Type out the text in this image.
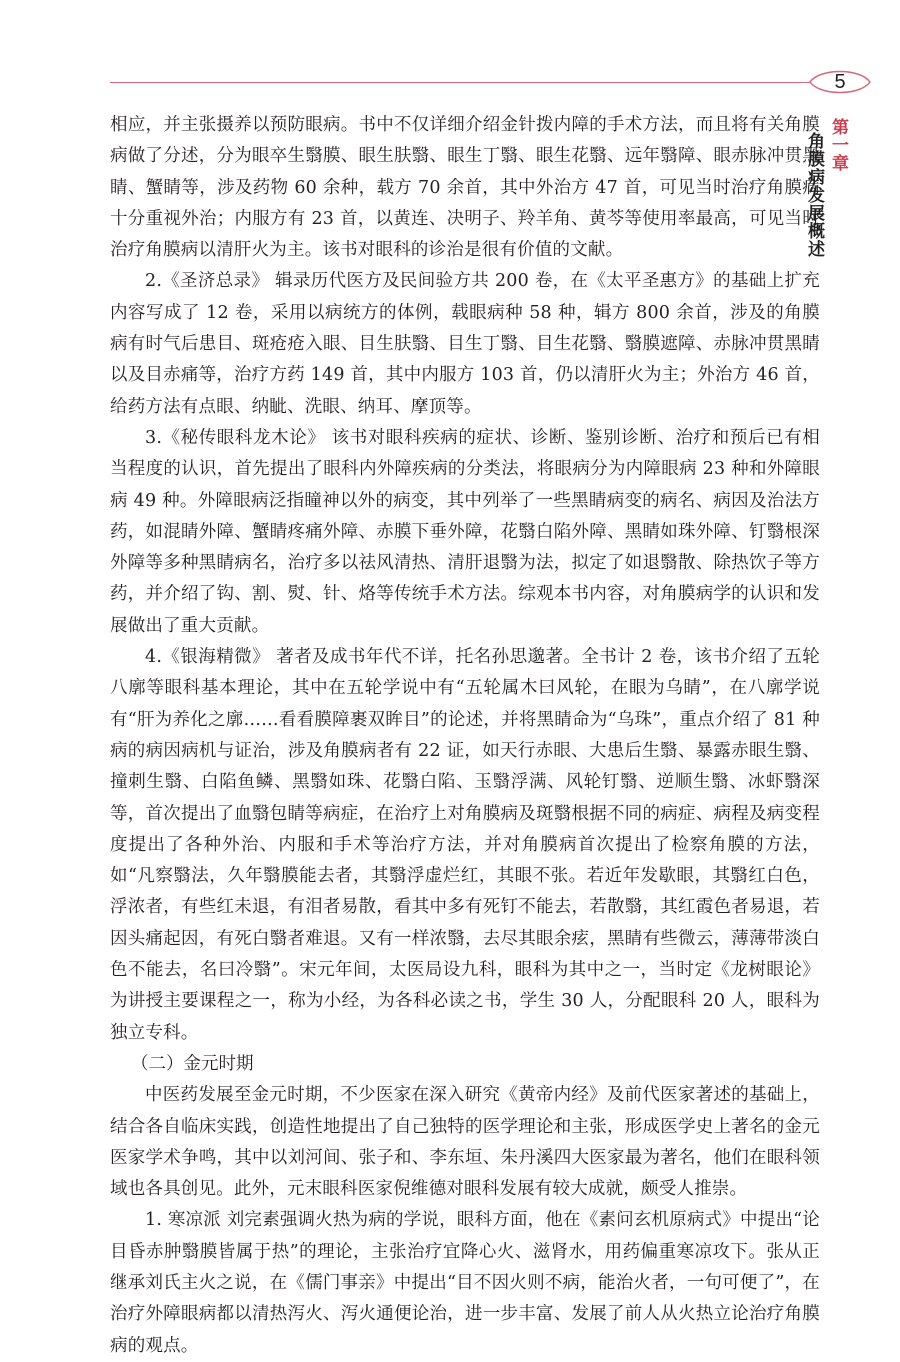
5
第一章
角膜病发展概述

相应，并主张摄养以预防眼病。书中不仅详细介绍金针拨内障的手术方法，而且将有关角膜病做了分述，分为眼卒生翳膜、眼生肤翳、眼生丁翳、眼生花翳、远年翳障、眼赤脉冲贯黑睛、蟹睛等，涉及药物 60 余种，载方 70 余首，其中外治方 47 首，可见当时治疗角膜病十分重视外治；内服方有 23 首，以黄连、决明子、羚羊角、黄芩等使用率最高，可见当时治疗角膜病以清肝火为主。该书对眼科的诊治是很有价值的文献。

2.《圣济总录》 辑录历代医方及民间验方共 200 卷，在《太平圣惠方》的基础上扩充内容写成了 12 卷，采用以病统方的体例，载眼病种 58 种，辑方 800 余首，涉及的角膜病有时气后患目、斑疮疮入眼、目生肤翳、目生丁翳、目生花翳、翳膜遮障、赤脉冲贯黑睛以及目赤痛等，治疗方药 149 首，其中内服方 103 首，仍以清肝火为主；外治方 46 首，给药方法有点眼、纳眦、洗眼、纳耳、摩顶等。

3.《秘传眼科龙木论》 该书对眼科疾病的症状、诊断、鉴别诊断、治疗和预后已有相当程度的认识，首先提出了眼科内外障疾病的分类法，将眼病分为内障眼病 23 种和外障眼病 49 种。外障眼病泛指瞳神以外的病变，其中列举了一些黑睛病变的病名、病因及治法方药，如混睛外障、蟹睛疼痛外障、赤膜下垂外障，花翳白陷外障、黑睛如珠外障、钉翳根深外障等多种黑睛病名，治疗多以祛风清热、清肝退翳为法，拟定了如退翳散、除热饮子等方药，并介绍了钩、割、熨、针、烙等传统手术方法。综观本书内容，对角膜病学的认识和发展做出了重大贡献。

4.《银海精微》 著者及成书年代不详，托名孙思邈著。全书计 2 卷，该书介绍了五轮八廓等眼科基本理论，其中在五轮学说中有“五轮属木曰风轮，在眼为乌睛”，在八廓学说有“肝为养化之廓……看看膜障裹双眸目”的论述，并将黑睛命为“乌珠”，重点介绍了 81 种病的病因病机与证治，涉及角膜病者有 22 证，如天行赤眼、大患后生翳、暴露赤眼生翳、撞刺生翳、白陷鱼鳞、黑翳如珠、花翳白陷、玉翳浮满、风轮钉翳、逆顺生翳、冰虾翳深等，首次提出了血翳包睛等病症，在治疗上对角膜病及斑翳根据不同的病症、病程及病变程度提出了各种外治、内服和手术等治疗方法，并对角膜病首次提出了检察角膜的方法，如“凡察翳法，久年翳膜能去者，其翳浮虚烂红，其眼不张。若近年发歇眼，其翳红白色，浮浓者，有些红未退，有泪者易散，看其中多有死钉不能去，若散翳，其红霞色者易退，若因头痛起因，有死白翳者难退。又有一样浓翳，去尽其眼余痃，黑睛有些微云，薄薄带淡白色不能去，名曰冷翳”。宋元年间，太医局设九科，眼科为其中之一，当时定《龙树眼论》为讲授主要课程之一，称为小经，为各科必读之书，学生 30 人，分配眼科 20 人，眼科为独立专科。

（二）金元时期

中医药发展至金元时期，不少医家在深入研究《黄帝内经》及前代医家著述的基础上，结合各自临床实践，创造性地提出了自己独特的医学理论和主张，形成医学史上著名的金元医家学术争鸣，其中以刘河间、张子和、李东垣、朱丹溪四大医家最为著名，他们在眼科领域也各具创见。此外，元末眼科医家倪维德对眼科发展有较大成就，颇受人推崇。

1. 寒凉派 刘完素强调火热为病的学说，眼科方面，他在《素问玄机原病式》中提出“论目昏赤肿翳膜皆属于热”的理论，主张治疗宜降心火、滋肾水，用药偏重寒凉攻下。张从正继承刘氏主火之说，在《儒门事亲》中提出“目不因火则不病，能治火者，一句可便了”，在治疗外障眼病都以清热泻火、泻火通便论治，进一步丰富、发展了前人从火热立论治疗角膜病的观点。
